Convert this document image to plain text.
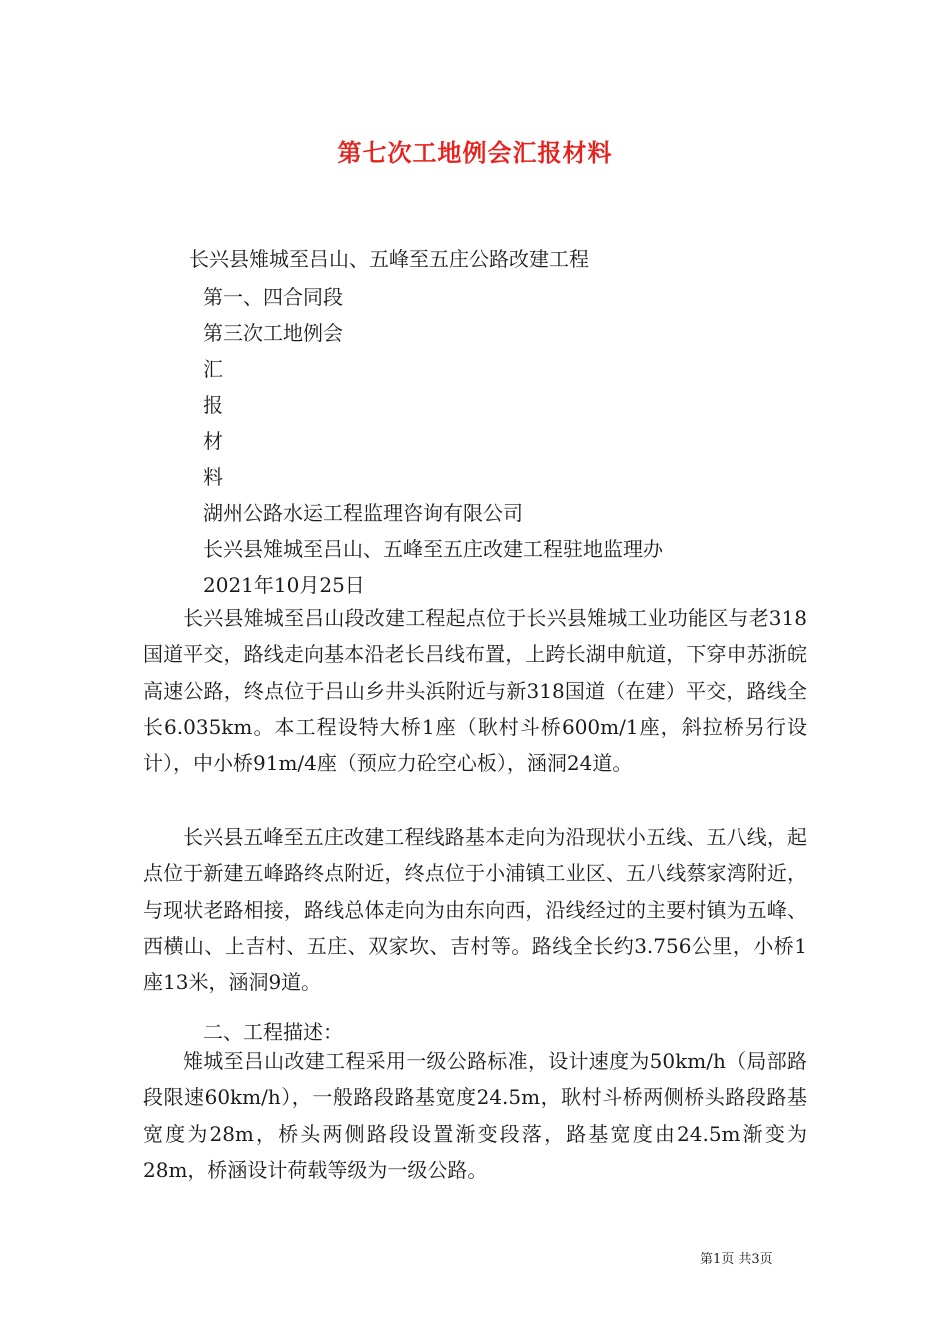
第七次工地例会汇报材料
长兴县雉城至吕山、五峰至五庄公路改建工程
第一、四合同段
第三次工地例会
汇
报
材
料
湖州公路水运工程监理咨询有限公司
长兴县雉城至吕山、五峰至五庄改建工程驻地监理办
2021年10月25日
长兴县雉城至吕山段改建工程起点位于长兴县雉城工业功能区与老318国道平交，路线走向基本沿老长吕线布置，上跨长湖申航道，下穿申苏浙皖高速公路，终点位于吕山乡井头浜附近与新318国道（在建）平交，路线全长6.035km。本工程设特大桥1座（耿村斗桥600m/1座，斜拉桥另行设计），中小桥91m/4座（预应力砼空心板），涵洞24道。
长兴县五峰至五庄改建工程线路基本走向为沿现状小五线、五八线，起点位于新建五峰路终点附近，终点位于小浦镇工业区、五八线蔡家湾附近，与现状老路相接，路线总体走向为由东向西，沿线经过的主要村镇为五峰、西横山、上吉村、五庄、双家坎、吉村等。路线全长约3.756公里，小桥1座13米，涵洞9道。
二、工程描述：
雉城至吕山改建工程采用一级公路标准，设计速度为50km/h（局部路段限速60km/h），一般路段路基宽度24.5m，耿村斗桥两侧桥头路段路基宽度为28m，桥头两侧路段设置渐变段落，路基宽度由24.5m渐变为28m，桥涵设计荷载等级为一级公路。
第1页 共3页
